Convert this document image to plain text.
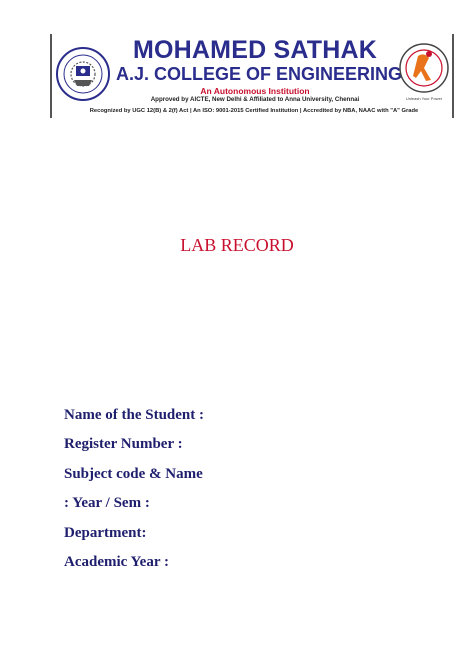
MOHAMED SATHAK
A.J. COLLEGE OF ENGINEERING
An Autonomous Institution
Approved by AICTE, New Delhi & Affiliated to Anna University, Chennai	Unleash Your Power
Recognized by UGC 12(B) & 2(f) Act | An ISO: 9001-2015 Certified Institution | Accredited by NBA, NAAC with "A" Grade
LAB RECORD
Name of the Student :
Register Number :
Subject code & Name
: Year / Sem :
Department:
Academic Year :
